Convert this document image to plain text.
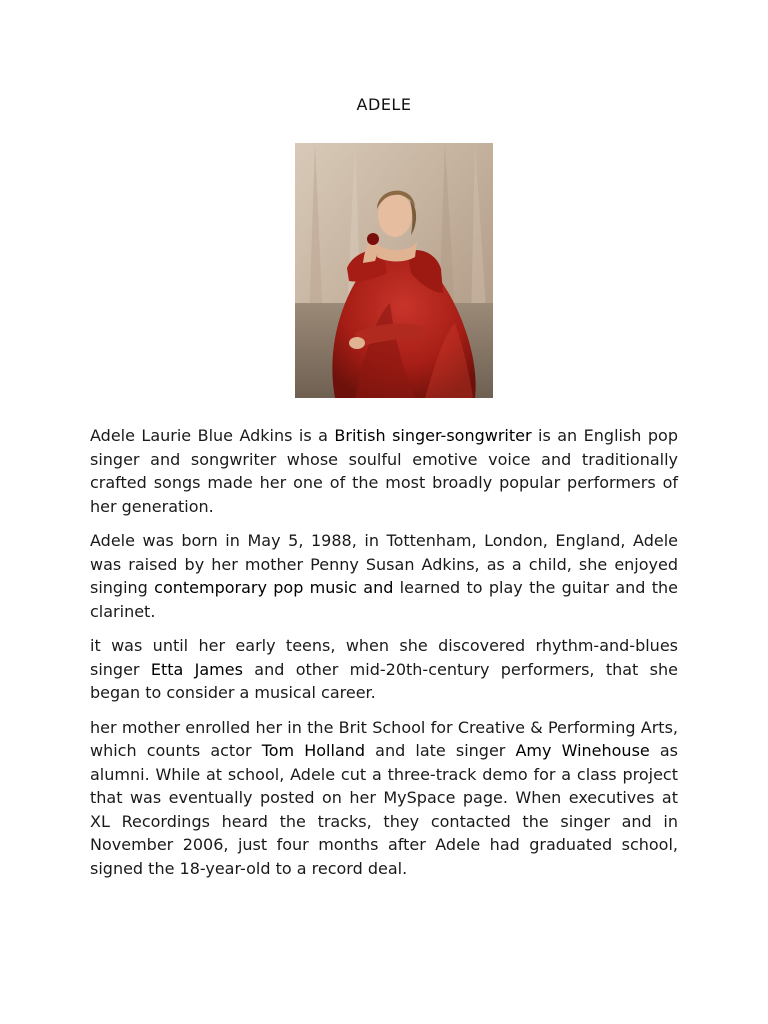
ADELE

Adele Laurie Blue Adkins is a British singer-songwriter is an English pop singer and songwriter whose soulful emotive voice and traditionally crafted songs made her one of the most broadly popular performers of her generation.

Adele was born in May 5, 1988, in Tottenham, London, England, Adele was raised by her mother Penny Susan Adkins, as a child, she enjoyed singing contemporary pop music and learned to play the guitar and the clarinet.

it was until her early teens, when she discovered rhythm-and-blues singer Etta James and other mid-20th-century performers, that she began to consider a musical career.

her mother enrolled her in the Brit School for Creative & Performing Arts, which counts actor Tom Holland and late singer Amy Winehouse as alumni. While at school, Adele cut a three-track demo for a class project that was eventually posted on her MySpace page. When executives at XL Recordings heard the tracks, they contacted the singer and in November 2006, just four months after Adele had graduated school, signed the 18-year-old to a record deal.
